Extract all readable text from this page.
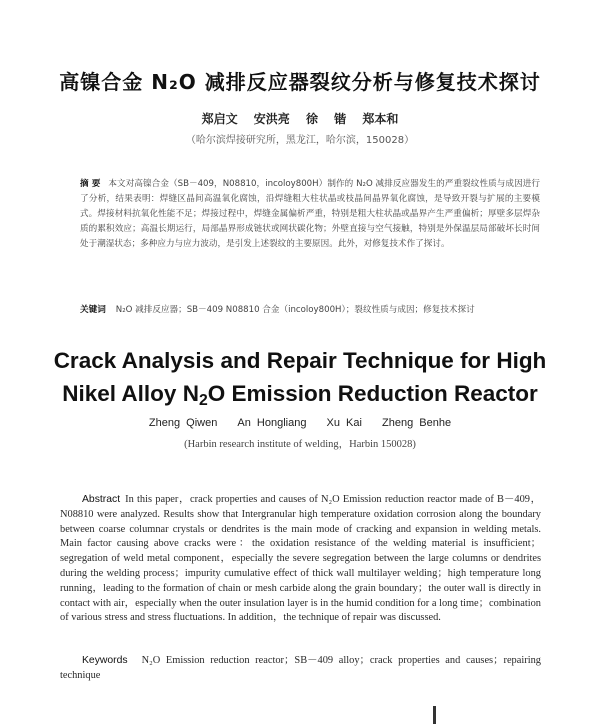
高镍合金 N₂O 减排反应器裂纹分析与修复技术探讨
郑启文 安洪亮 徐 锴 郑本和
（哈尔滨焊接研究所，黑龙江，哈尔滨，150028）
摘 要 本文对高镍合金（SB－409，N08810，incoloy800H）制作的 N₂O 减排反应器发生的严重裂纹性质与成因进行了分析，结果表明：焊缝区晶间高温氧化腐蚀，沿焊缝粗大柱状晶或枝晶间晶界氧化腐蚀，是导致开裂与扩展的主要模式。焊接材料抗氧化性能不足；焊接过程中，焊缝金属偏析严重，特别是粗大柱状晶或晶界产生严重偏析；厚壁多层焊杂质的累积效应；高温长期运行，局部晶界形成链状或网状碳化物；外壁直接与空气接触，特别是外保温层局部破坏长时间处于潮湿状态；多种应力与应力波动，是引发上述裂纹的主要原因。此外，对修复技术作了探讨。
关键词 N₂O 减排反应器；SB－409 N08810 合金（incoloy800H）；裂纹性质与成因；修复技术探讨
Crack Analysis and Repair Technique for High
Nikel Alloy $N_2O$ Emission Reduction Reactor
Zheng Qiwen An Hongliang Xu Kai Zheng Benhe
(Harbin research institute of welding，Harbin 150028)
Abstract In this paper，crack properties and causes of N₂O Emission reduction reactor made of B－409，N08810 were analyzed. Results show that Intergranular high temperature oxidation corrosion along the boundary between coarse columnar crystals or dendrites is the main mode of cracking and expansion in welding metals. Main factor causing above cracks were：the oxidation resistance of the welding material is insufficient；segregation of weld metal component，especially the severe segregation between the large columns or dendrites during the welding process；impurity cumulative effect of thick wall multilayer welding；high temperature long running，leading to the formation of chain or mesh carbide along the grain boundary；the outer wall is directly in contact with air，especially when the outer insulation layer is in the humid condition for a long time；combination of various stress and stress fluctuations. In addition，the technique of repair was discussed.
Keywords N₂O Emission reduction reactor；SB－409 alloy；crack properties and causes；repairing technique
